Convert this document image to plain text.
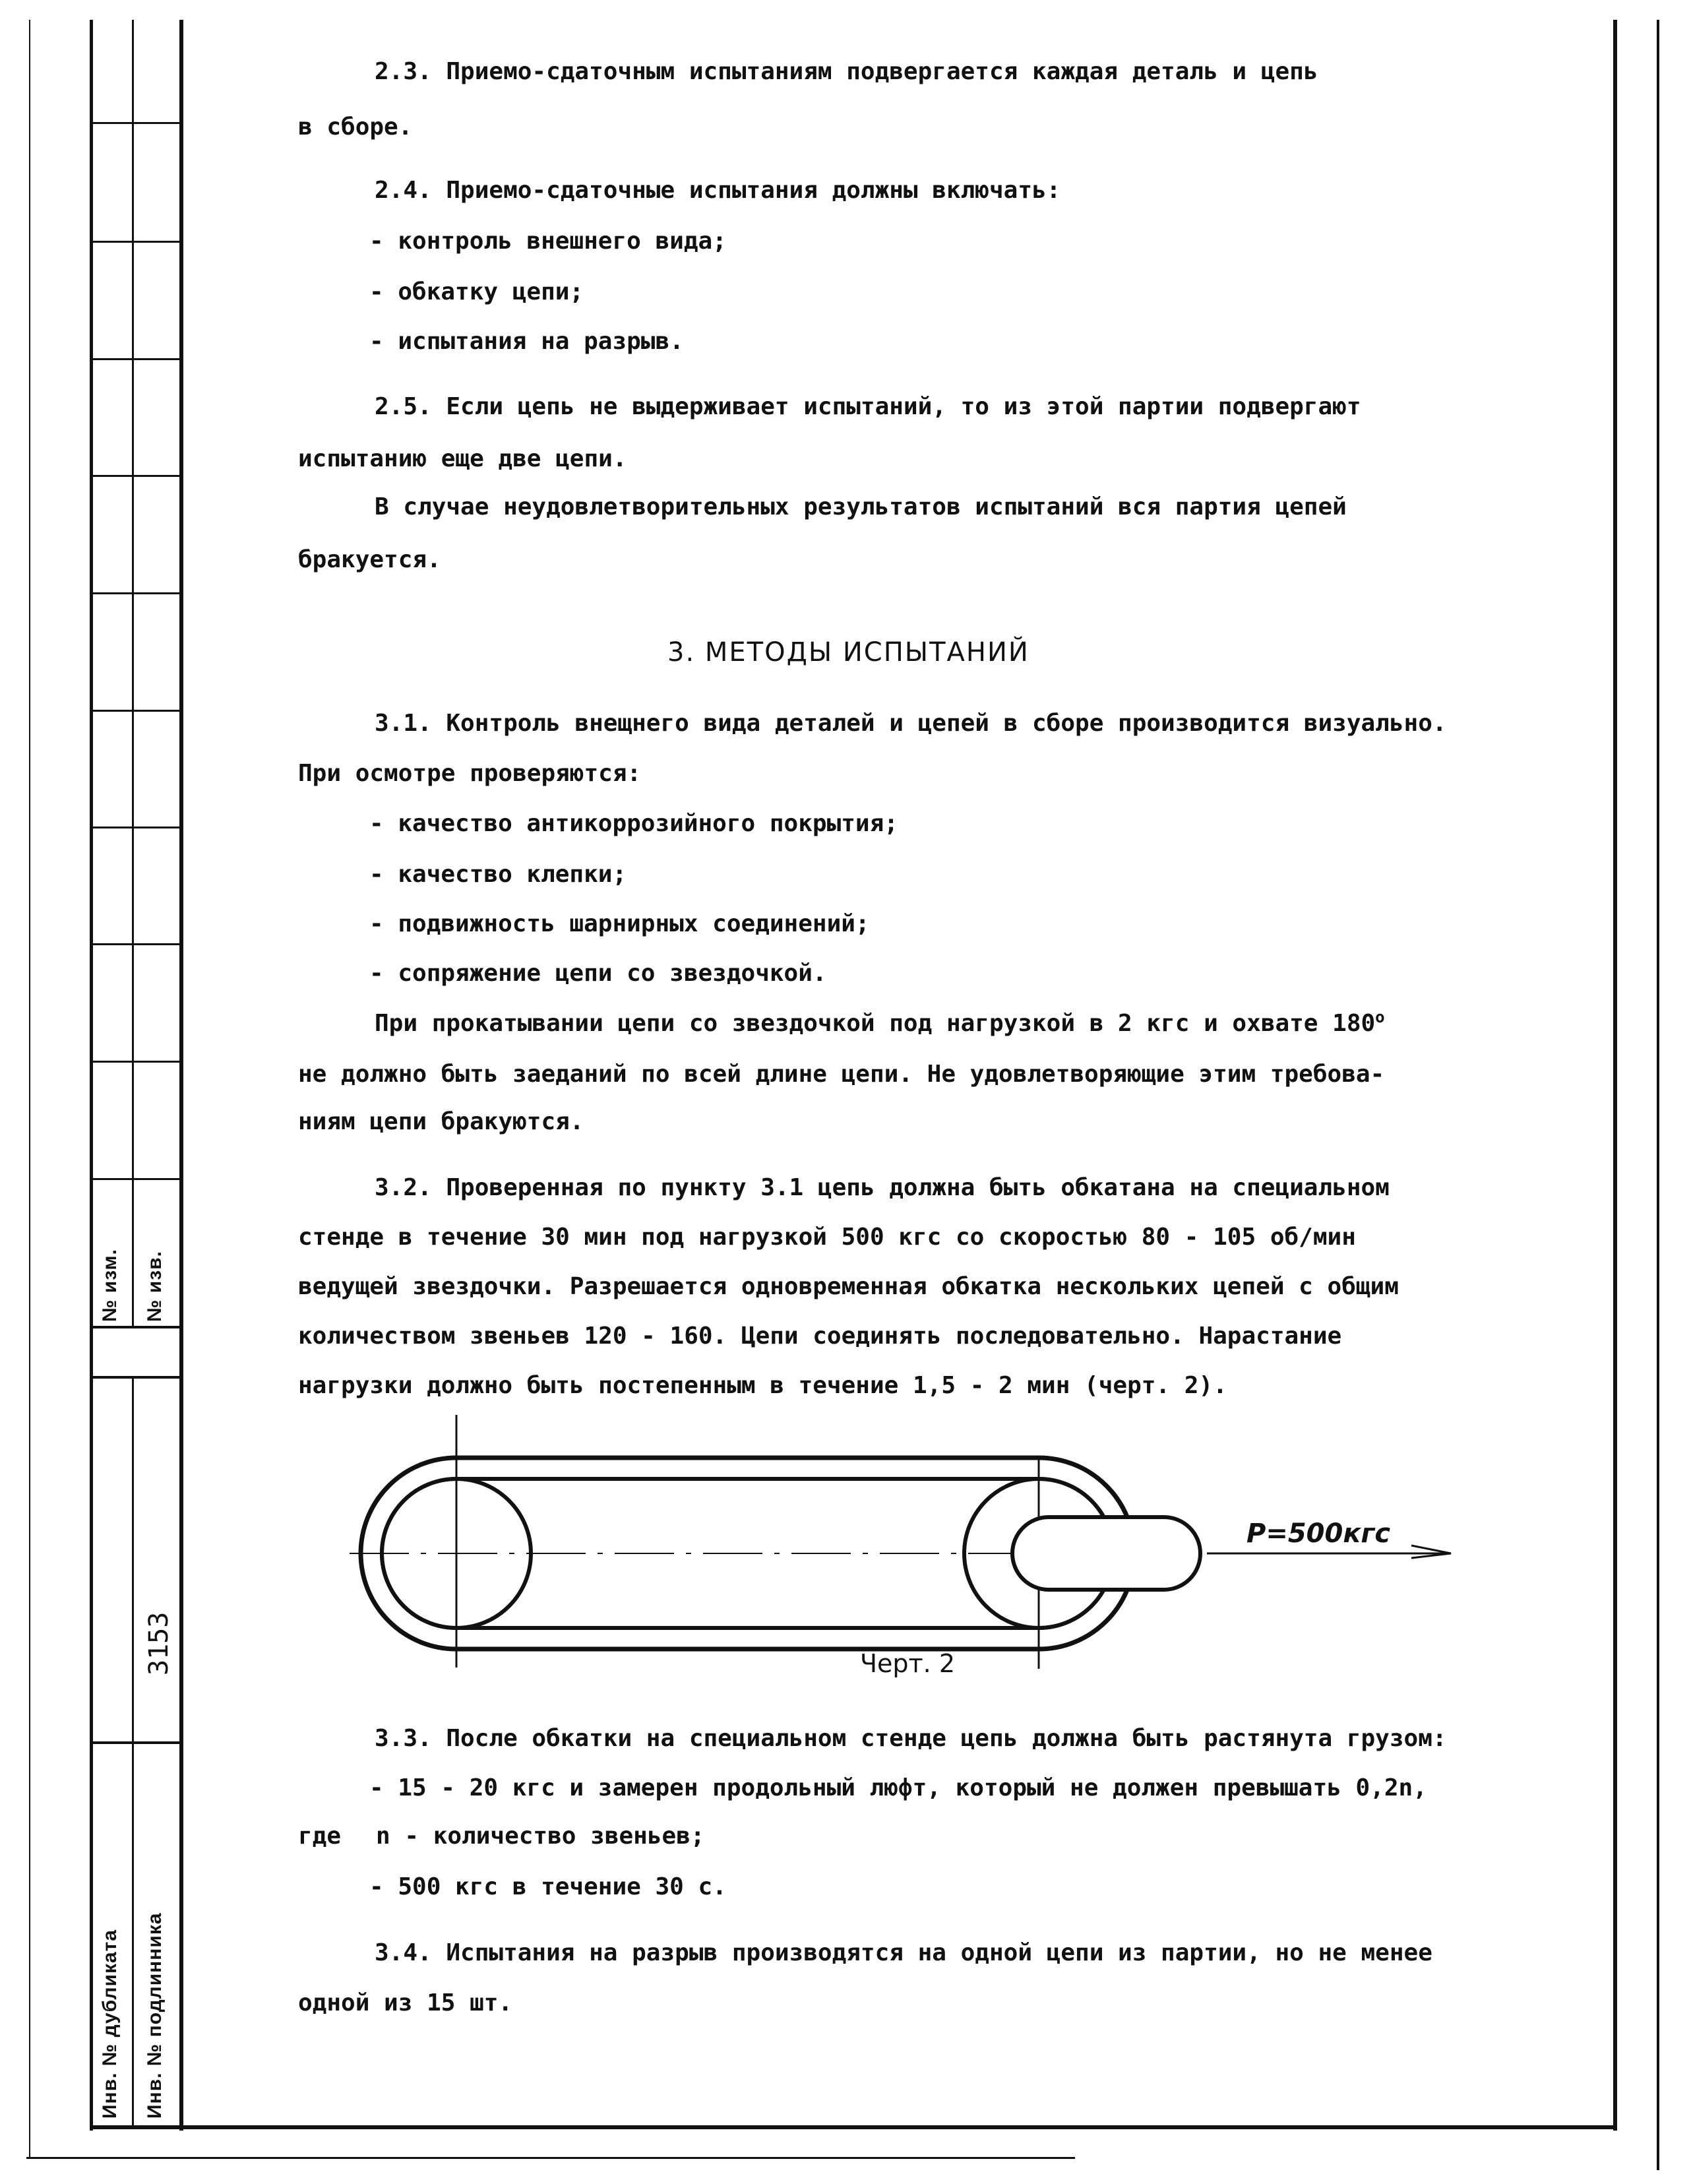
№ изм. № изв.
3153
Инв. № дубликата Инв. № подлинника
2.3. Приемо-сдаточным испытаниям подвергается каждая деталь и цепь
в сборе.
2.4. Приемо-сдаточные испытания должны включать:
- контроль внешнего вида;
- обкатку цепи;
- испытания на разрыв.
2.5. Если цепь не выдерживает испытаний, то из этой партии подвергают
испытанию еще две цепи.
В случае неудовлетворительных результатов испытаний вся партия цепей
бракуется.
3. МЕТОДЫ ИСПЫТАНИЙ
3.1. Контроль внещнего вида деталей и цепей в сборе производится визуально.
При осмотре проверяются:
- качество антикоррозийного покрытия;
- качество клепки;
- подвижность шарнирных соединений;
- сопряжение цепи со звездочкой.
При прокатывании цепи со звездочкой под нагрузкой в 2 кгс и охвате $180^о$
не должно быть заеданий по всей длине цепи. Не удовлетворяющие этим требова-
ниям цепи бракуются.
3.2. Проверенная по пункту 3.1 цепь должна быть обкатана на специальном
стенде в течение 30 мин под нагрузкой 500 кгс со скоростью 80 - 105 об/мин
ведущей звездочки. Разрешается одновременная обкатка нескольких цепей с общим
количеством звеньев 120 - 160. Цепи соединять последовательно. Нарастание
нагрузки должно быть постепенным в течение 1,5 - 2 мин (черт. 2).
P=500кгс
Черт. 2
3.3. После обкатки на специальном стенде цепь должна быть растянута грузом:
- 15 - 20 кгс и замерен продольный люфт, который не должен превышать 0,2n,
где n - количество звеньев;
- 500 кгс в течение 30 с.
3.4. Испытания на разрыв производятся на одной цепи из партии, но не менее
одной из 15 шт.
